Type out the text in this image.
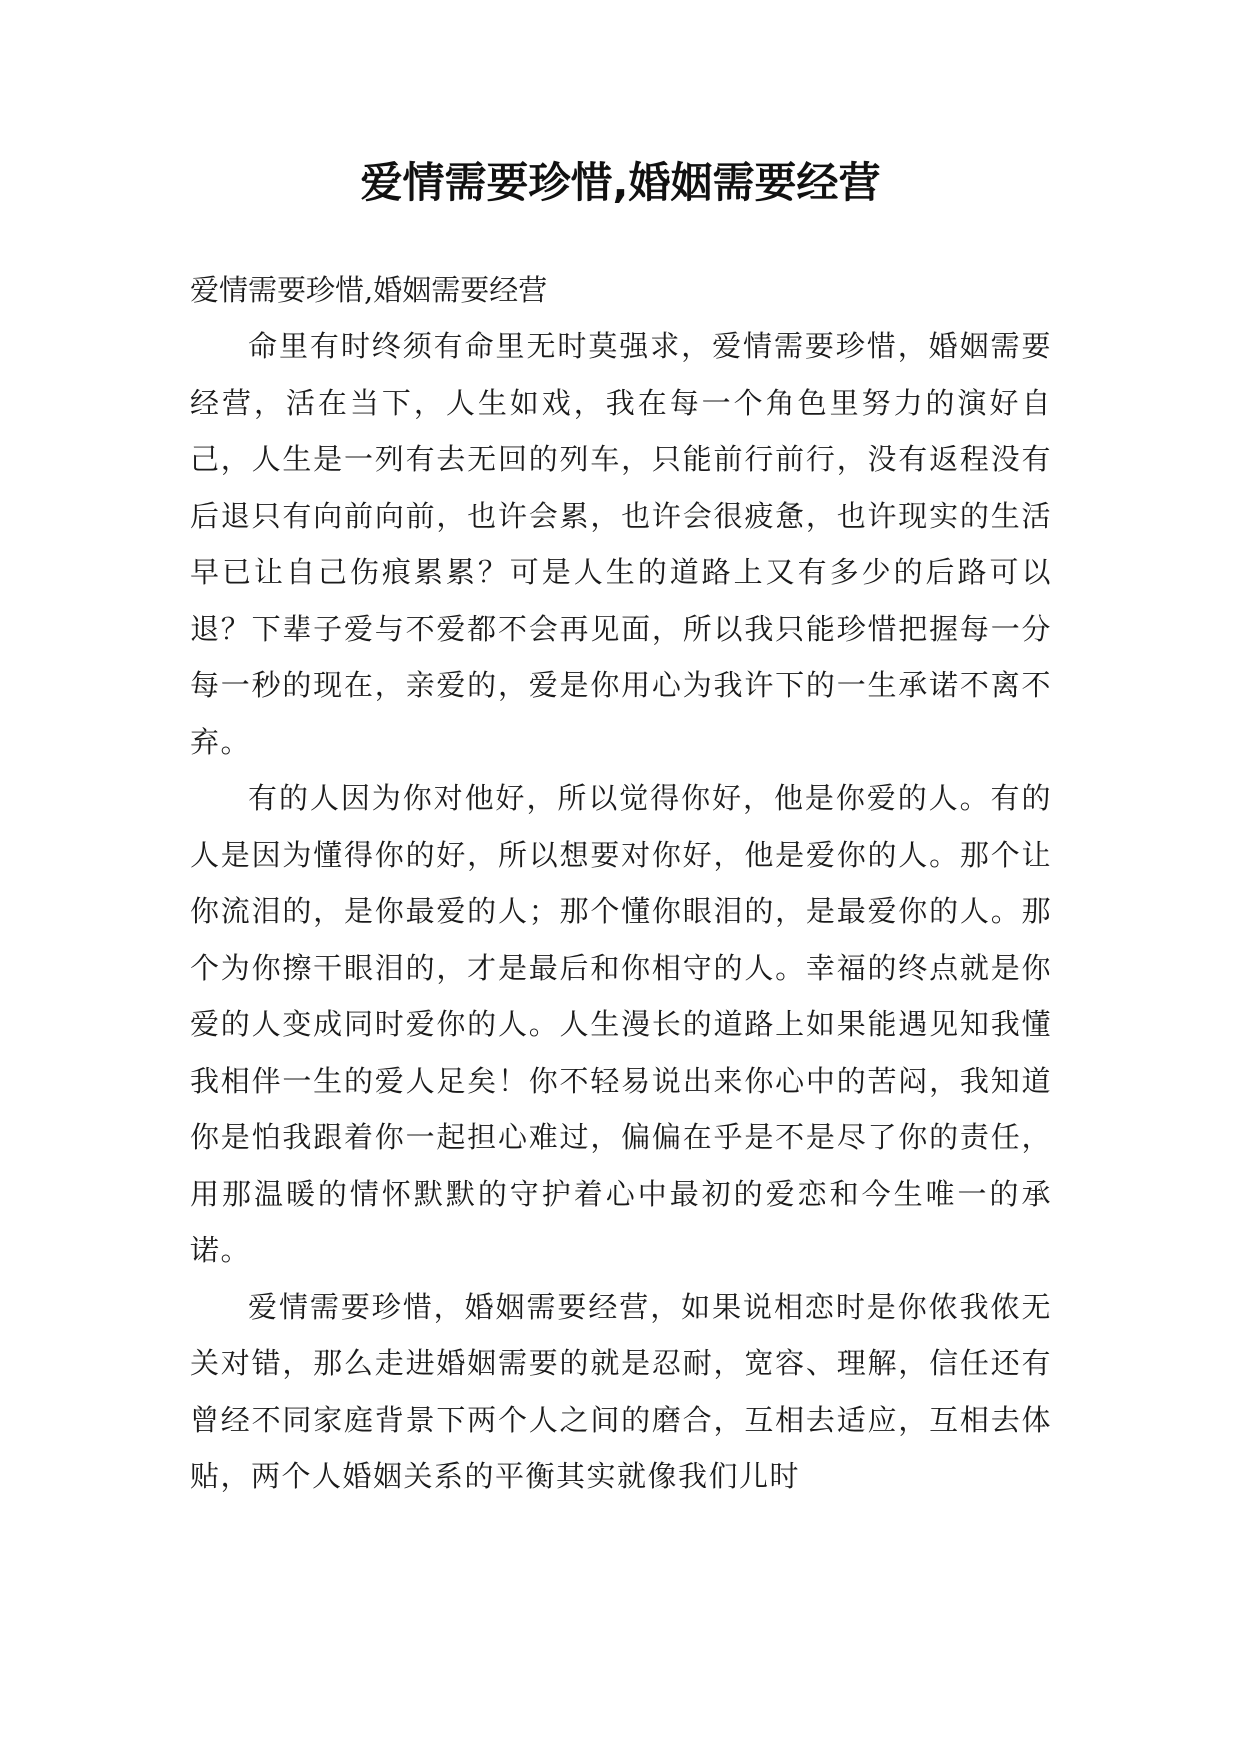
爱情需要珍惜,婚姻需要经营

爱情需要珍惜,婚姻需要经营

命里有时终须有命里无时莫强求，爱情需要珍惜，婚姻需要经营，活在当下，人生如戏，我在每一个角色里努力的演好自己，人生是一列有去无回的列车，只能前行前行，没有返程没有后退只有向前向前，也许会累，也许会很疲惫，也许现实的生活早已让自己伤痕累累？可是人生的道路上又有多少的后路可以退？下辈子爱与不爱都不会再见面，所以我只能珍惜把握每一分每一秒的现在，亲爱的，爱是你用心为我许下的一生承诺不离不弃。

有的人因为你对他好，所以觉得你好，他是你爱的人。有的人是因为懂得你的好，所以想要对你好，他是爱你的人。那个让你流泪的，是你最爱的人；那个懂你眼泪的，是最爱你的人。那个为你擦干眼泪的，才是最后和你相守的人。幸福的终点就是你爱的人变成同时爱你的人。人生漫长的道路上如果能遇见知我懂我相伴一生的爱人足矣！你不轻易说出来你心中的苦闷，我知道你是怕我跟着你一起担心难过，偏偏在乎是不是尽了你的责任，用那温暖的情怀默默的守护着心中最初的爱恋和今生唯一的承诺。

爱情需要珍惜，婚姻需要经营，如果说相恋时是你侬我侬无关对错，那么走进婚姻需要的就是忍耐，宽容、理解，信任还有曾经不同家庭背景下两个人之间的磨合，互相去适应，互相去体贴，两个人婚姻关系的平衡其实就像我们儿时
